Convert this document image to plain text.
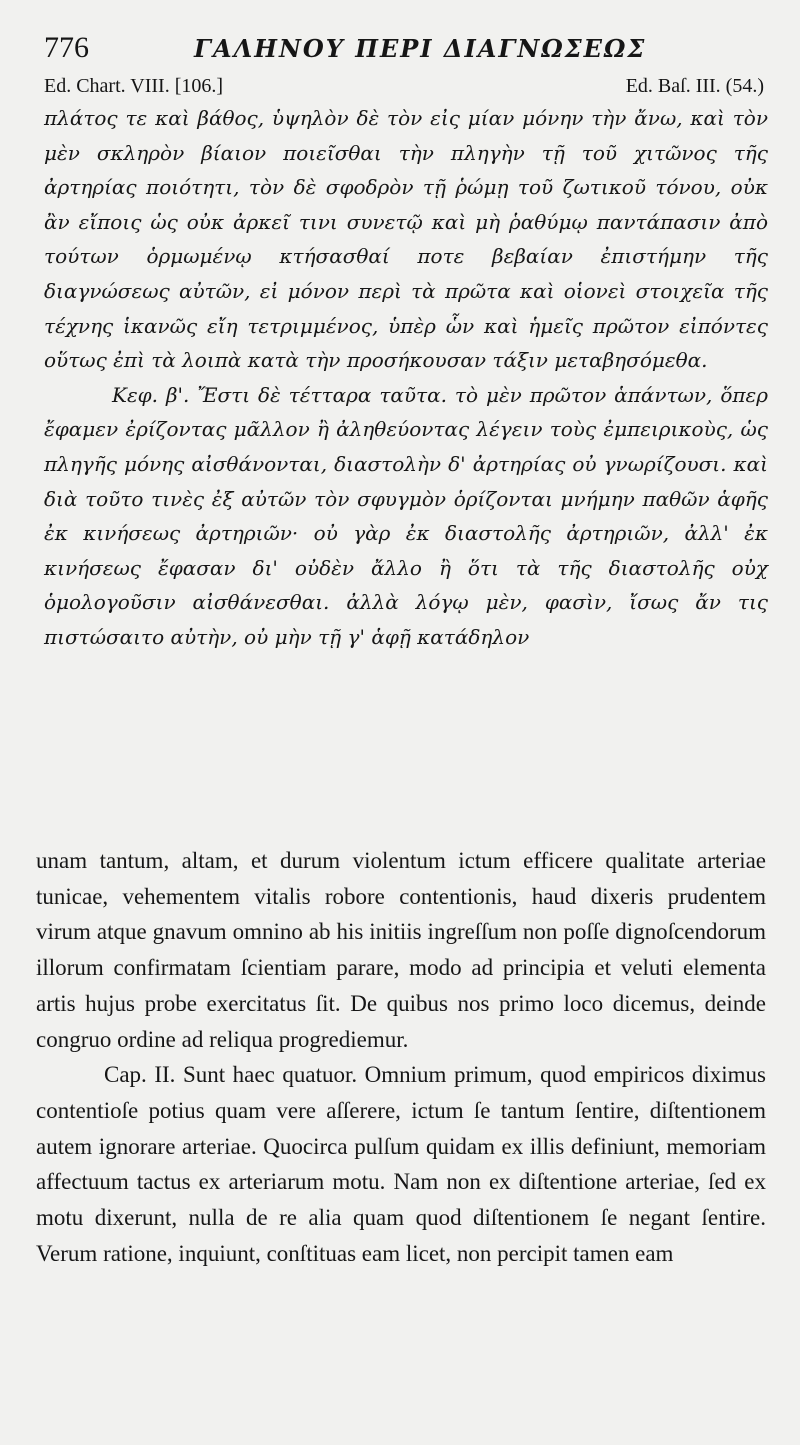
776	ΓΑΛΗΝΟΥ ΠΕΡΙ ΔΙΑΓΝΩΣΕΩΣ
Ed. Chart. VIII. [106.]	Ed. Baſ. III. (54.)

πλάτος τε καὶ βάθος, ὑψηλὸν δὲ τὸν εἰς μίαν μόνην τὴν ἄνω, καὶ τὸν μὲν σκληρὸν βίαιον ποιεῖσθαι τὴν πληγὴν τῇ τοῦ χιτῶνος τῆς ἀρτηρίας ποιότητι, τὸν δὲ σφοδρὸν τῇ ῥώμῃ τοῦ ζωτικοῦ τόνου, οὐκ ἂν εἴποις ὡς οὐκ ἀρκεῖ τινι συνετῷ καὶ μὴ ῥαθύμῳ παντάπασιν ἀπὸ τούτων ὁρμωμένῳ κτήσασθαί ποτε βεβαίαν ἐπιστήμην τῆς διαγνώσεως αὐτῶν, εἰ μόνον περὶ τὰ πρῶτα καὶ οἱονεὶ στοιχεῖα τῆς τέχνης ἱκανῶς εἴη τετριμμένος, ὑπὲρ ὧν καὶ ἡμεῖς πρῶτον εἰπόντες οὕτως ἐπὶ τὰ λοιπὰ κατὰ τὴν προσήκουσαν τάξιν μεταβησόμεθα.

Κεφ. β'. Ἔστι δὲ τέτταρα ταῦτα. τὸ μὲν πρῶτον ἁπάντων, ὅπερ ἔφαμεν ἐρίζοντας μᾶλλον ἢ ἀληθεύοντας λέγειν τοὺς ἐμπειρικοὺς, ὡς πληγῆς μόνης αἰσθάνονται, διαστολὴν δ' ἀρτηρίας οὐ γνωρίζουσι. καὶ διὰ τοῦτο τινὲς ἐξ αὐτῶν τὸν σφυγμὸν ὁρίζονται μνήμην παθῶν ἁφῆς ἐκ κινήσεως ἀρτηριῶν· οὐ γὰρ ἐκ διαστολῆς ἀρτηριῶν, ἀλλ' ἐκ κινήσεως ἔφασαν δι' οὐδὲν ἄλλο ἢ ὅτι τὰ τῆς διαστολῆς οὐχ ὁμολογοῦσιν αἰσθάνεσθαι. ἀλλὰ λόγῳ μὲν, φασὶν, ἴσως ἄν τις πιστώσαιτο αὐτὴν, οὐ μὴν τῇ γ' ἁφῇ κατάδηλον

unam tantum, altam, et durum violentum ictum efficere qualitate arteriae tunicae, vehementem vitalis robore contentionis, haud dixeris prudentem virum atque gnavum omnino ab his initiis ingreſſum non poſſe dignoſcendorum illorum confirmatam ſcientiam parare, modo ad principia et veluti elementa artis hujus probe exercitatus ſit. De quibus nos primo loco dicemus, deinde congruo ordine ad reliqua progrediemur.

Cap. II. Sunt haec quatuor. Omnium primum, quod empiricos diximus contentioſe potius quam vere aſſerere, ictum ſe tantum ſentire, diſtentionem autem ignorare arteriae. Quocirca pulſum quidam ex illis definiunt, memoriam affectuum tactus ex arteriarum motu. Nam non ex diſtentione arteriae, ſed ex motu dixerunt, nulla de re alia quam quod diſtentionem ſe negant ſentire. Verum ratione, inquiunt, conſtituas eam licet, non percipit tamen eam
